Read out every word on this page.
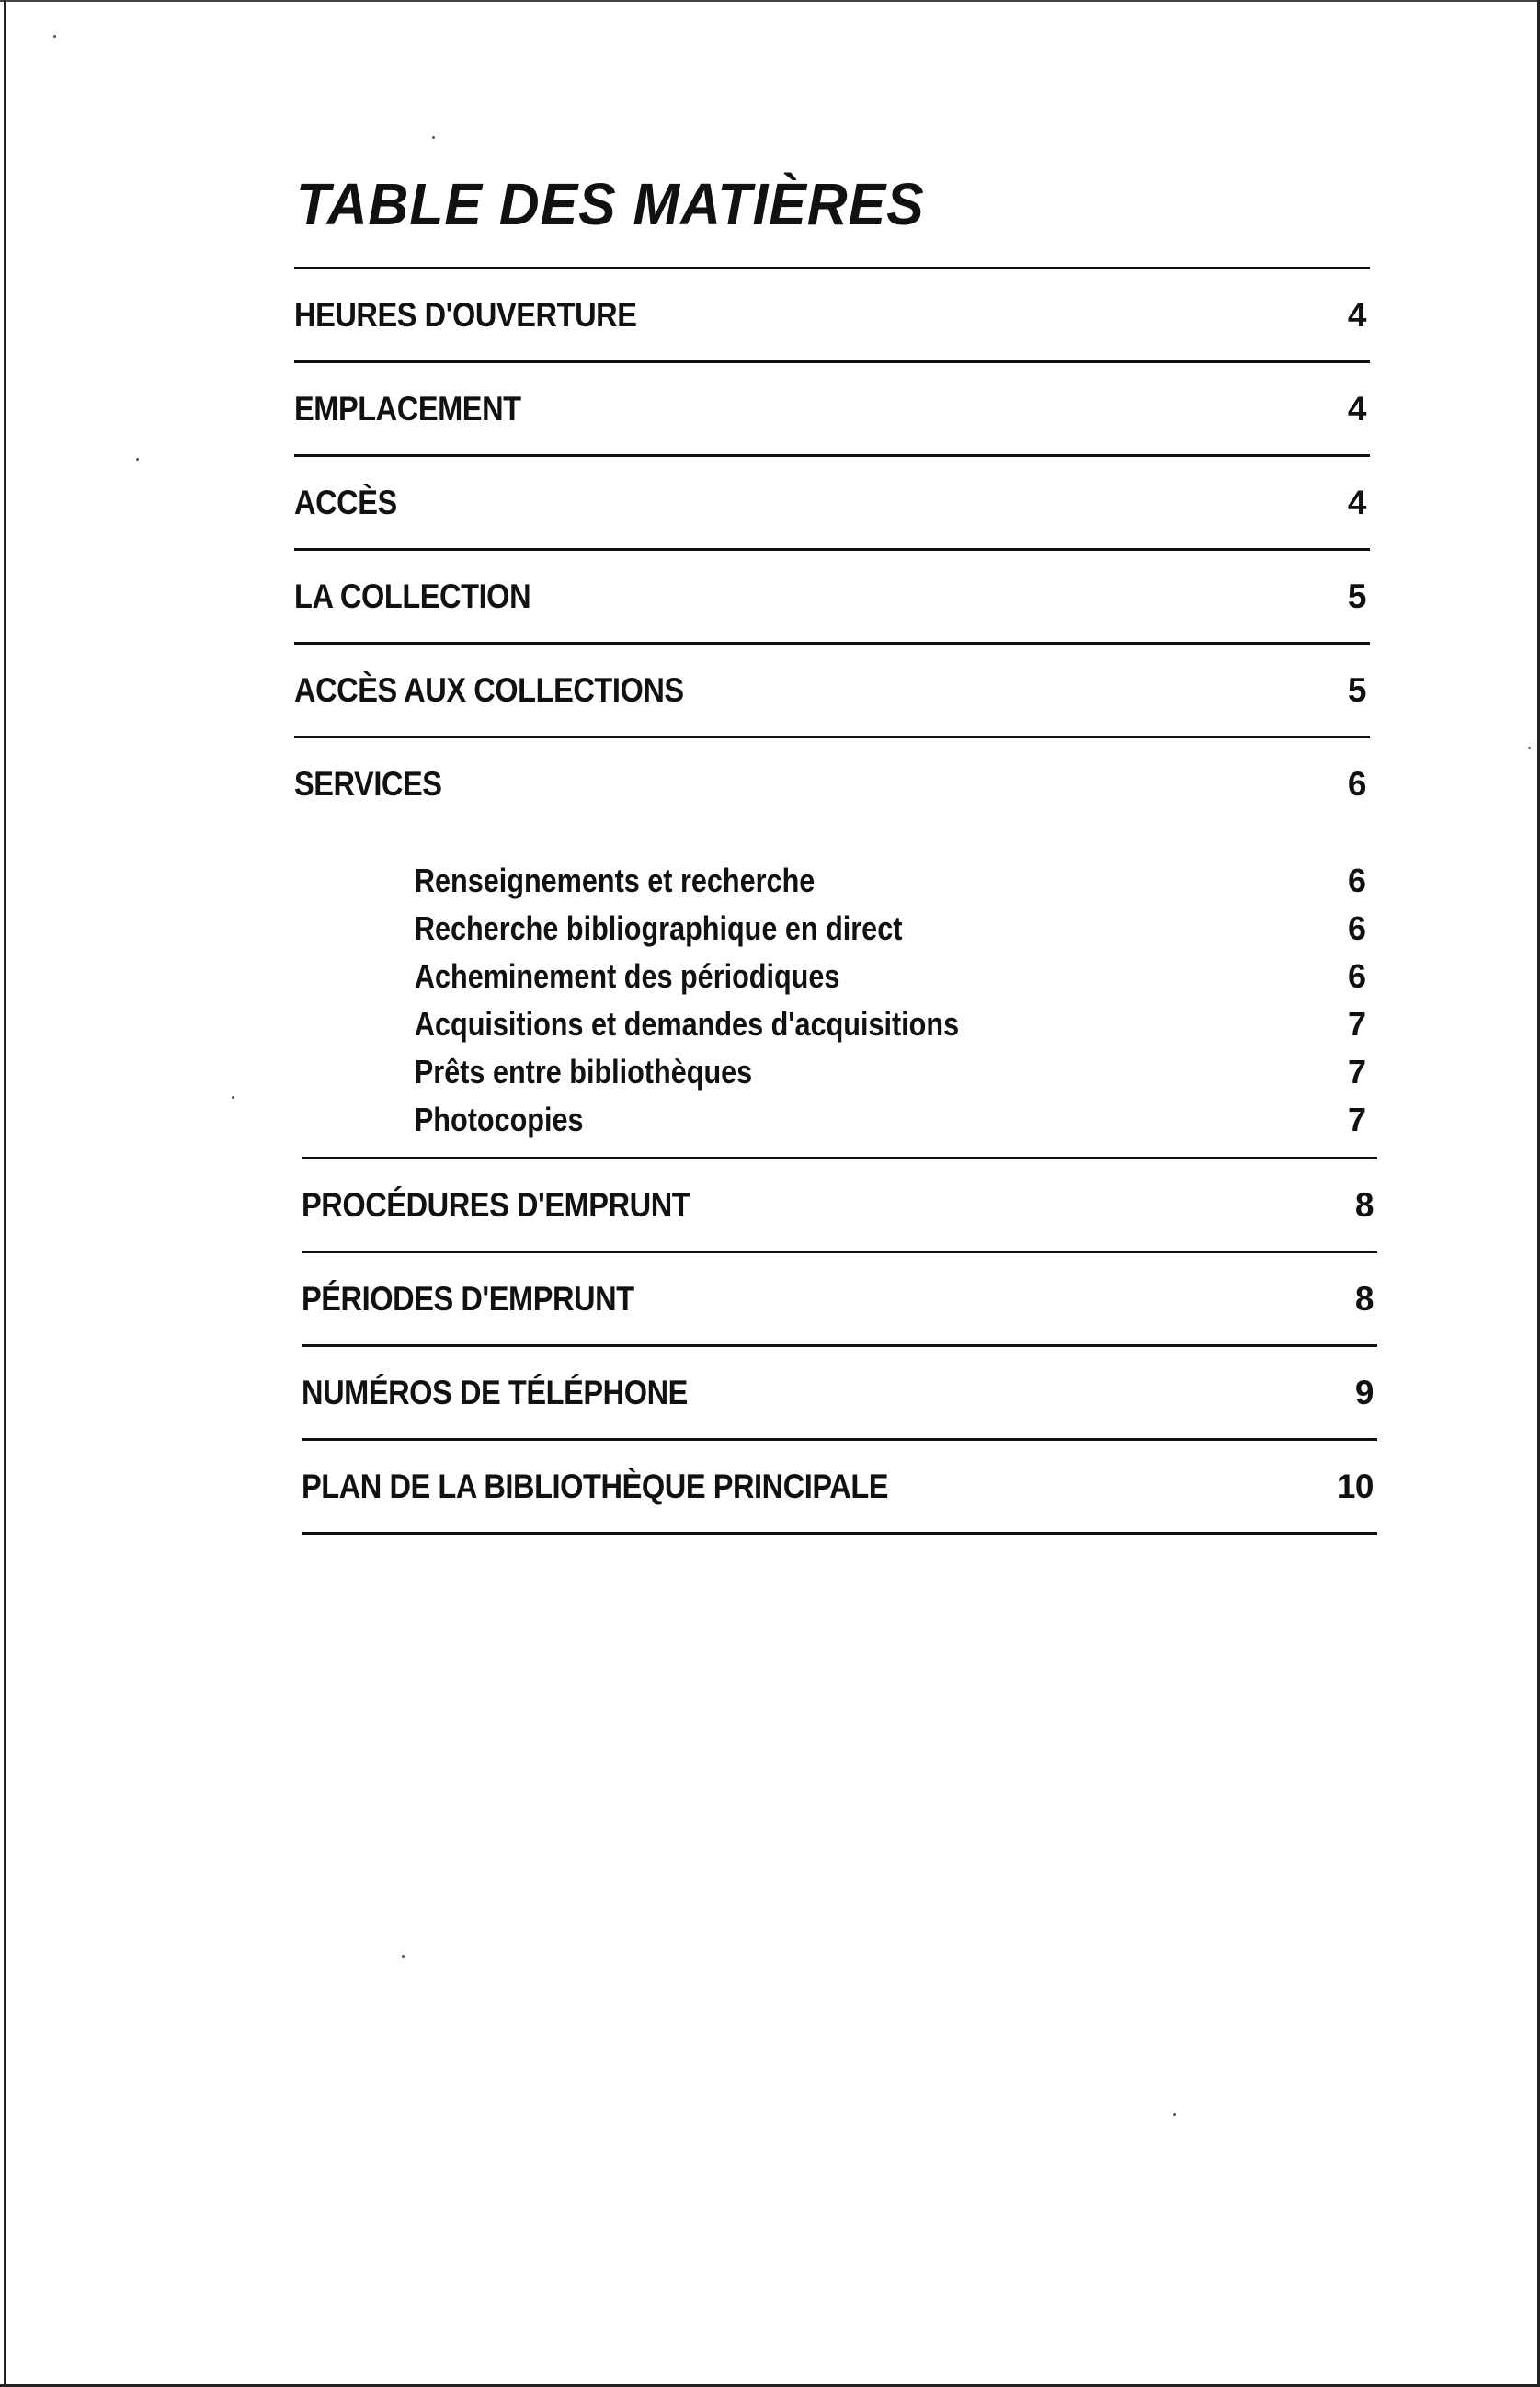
TABLE DES MATIÈRES
HEURES D'OUVERTURE	4
EMPLACEMENT	4
ACCÈS	4
LA COLLECTION	5
ACCÈS AUX COLLECTIONS	5
SERVICES	6
Renseignements et recherche	6
Recherche bibliographique en direct	6
Acheminement des périodiques	6
Acquisitions et demandes d'acquisitions	7
Prêts entre bibliothèques	7
Photocopies	7
PROCÉDURES D'EMPRUNT	8
PÉRIODES D'EMPRUNT	8
NUMÉROS DE TÉLÉPHONE	9
PLAN DE LA BIBLIOTHÈQUE PRINCIPALE	10
